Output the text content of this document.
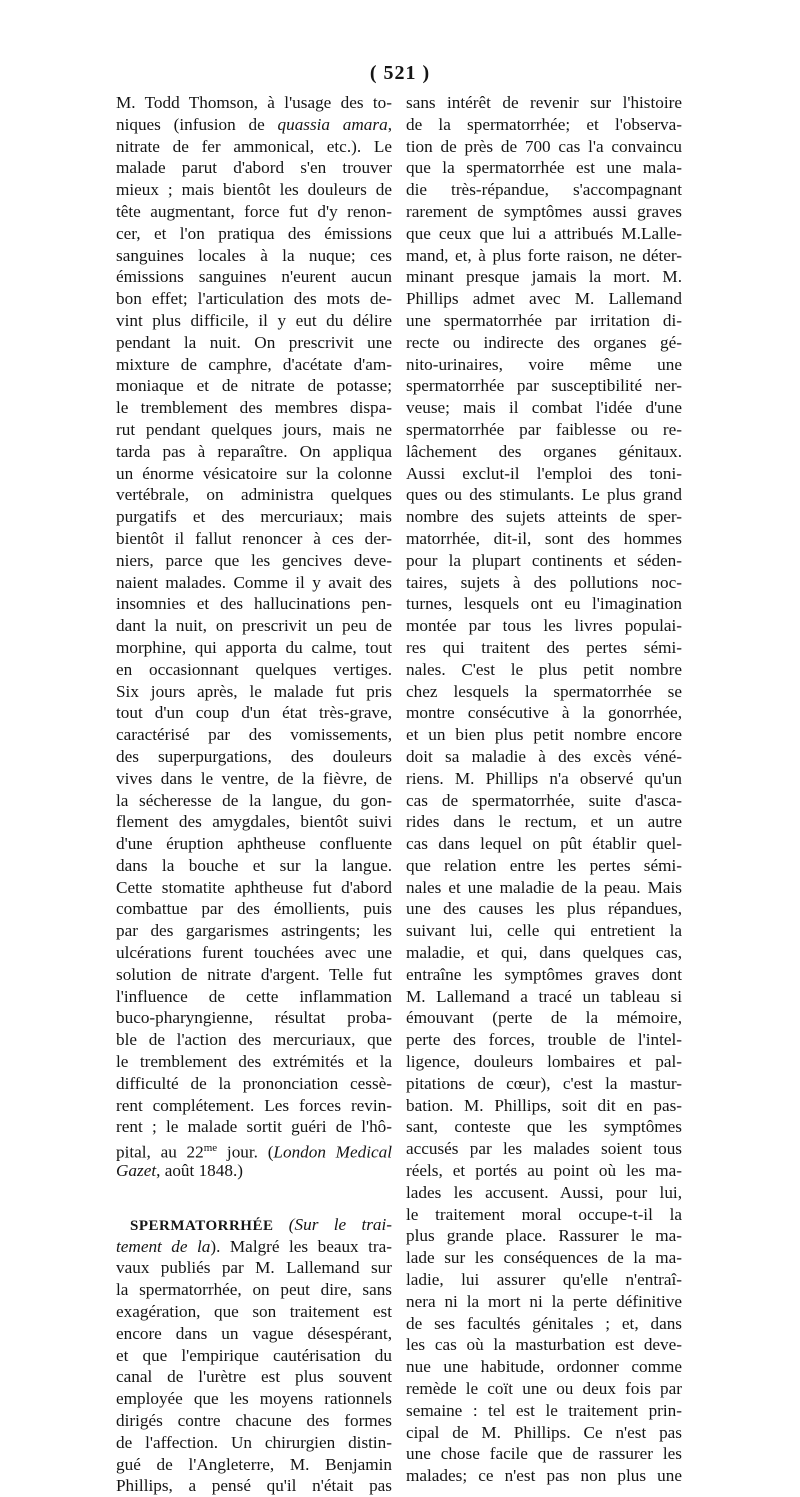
( 521 )
M. Todd Thomson, à l'usage des to-
niques (infusion de quassia amara,
nitrate de fer ammonical, etc.). Le
malade parut d'abord s'en trouver
mieux ; mais bientôt les douleurs de
tête augmentant, force fut d'y renon-
cer, et l'on pratiqua des émissions
sanguines locales à la nuque; ces
émissions sanguines n'eurent aucun
bon effet; l'articulation des mots de-
vint plus difficile, il y eut du délire
pendant la nuit. On prescrivit une
mixture de camphre, d'acétate d'am-
moniaque et de nitrate de potasse;
le tremblement des membres dispa-
rut pendant quelques jours, mais ne
tarda pas à reparaître. On appliqua
un énorme vésicatoire sur la colonne
vertébrale, on administra quelques
purgatifs et des mercuriaux; mais
bientôt il fallut renoncer à ces der-
niers, parce que les gencives deve-
naient malades. Comme il y avait des
insomnies et des hallucinations pen-
dant la nuit, on prescrivit un peu de
morphine, qui apporta du calme, tout
en occasionnant quelques vertiges.
Six jours après, le malade fut pris
tout d'un coup d'un état très-grave,
caractérisé par des vomissements,
des superpurgations, des douleurs
vives dans le ventre, de la fièvre, de
la sécheresse de la langue, du gon-
flement des amygdales, bientôt suivi
d'une éruption aphtheuse confluente
dans la bouche et sur la langue.
Cette stomatite aphtheuse fut d'abord
combattue par des émollients, puis
par des gargarismes astringents; les
ulcérations furent touchées avec une
solution de nitrate d'argent. Telle fut
l'influence de cette inflammation
buco-pharyngienne, résultat proba-
ble de l'action des mercuriaux, que
le tremblement des extrémités et la
difficulté de la prononciation cessè-
rent complétement. Les forces revin-
rent ; le malade sortit guéri de l'hô-
pital, au $22^{me}$ jour. (London Medical
Gazet, août 1848.)
SPERMATORRHÉE (Sur le trai-
tement de la). Malgré les beaux tra-
vaux publiés par M. Lallemand sur
la spermatorrhée, on peut dire, sans
exagération, que son traitement est
encore dans un vague désespérant,
et que l'empirique cautérisation du
canal de l'urètre est plus souvent
employée que les moyens rationnels
dirigés contre chacune des formes
de l'affection. Un chirurgien distin-
gué de l'Angleterre, M. Benjamin
Phillips, a pensé qu'il n'était pas
sans intérêt de revenir sur l'histoire
de la spermatorrhée; et l'observa-
tion de près de 700 cas l'a convaincu
que la spermatorrhée est une mala-
die très-répandue, s'accompagnant
rarement de symptômes aussi graves
que ceux que lui a attribués M.Lalle-
mand, et, à plus forte raison, ne déter-
minant presque jamais la mort. M.
Phillips admet avec M. Lallemand
une spermatorrhée par irritation di-
recte ou indirecte des organes gé-
nito-urinaires, voire même une
spermatorrhée par susceptibilité ner-
veuse; mais il combat l'idée d'une
spermatorrhée par faiblesse ou re-
lâchement des organes génitaux.
Aussi exclut-il l'emploi des toni-
ques ou des stimulants. Le plus grand
nombre des sujets atteints de sper-
matorrhée, dit-il, sont des hommes
pour la plupart continents et séden-
taires, sujets à des pollutions noc-
turnes, lesquels ont eu l'imagination
montée par tous les livres populai-
res qui traitent des pertes sémi-
nales. C'est le plus petit nombre
chez lesquels la spermatorrhée se
montre consécutive à la gonorrhée,
et un bien plus petit nombre encore
doit sa maladie à des excès véné-
riens. M. Phillips n'a observé qu'un
cas de spermatorrhée, suite d'asca-
rides dans le rectum, et un autre
cas dans lequel on pût établir quel-
que relation entre les pertes sémi-
nales et une maladie de la peau. Mais
une des causes les plus répandues,
suivant lui, celle qui entretient la
maladie, et qui, dans quelques cas,
entraîne les symptômes graves dont
M. Lallemand a tracé un tableau si
émouvant (perte de la mémoire,
perte des forces, trouble de l'intel-
ligence, douleurs lombaires et pal-
pitations de cœur), c'est la mastur-
bation. M. Phillips, soit dit en pas-
sant, conteste que les symptômes
accusés par les malades soient tous
réels, et portés au point où les ma-
lades les accusent. Aussi, pour lui,
le traitement moral occupe-t-il la
plus grande place. Rassurer le ma-
lade sur les conséquences de la ma-
ladie, lui assurer qu'elle n'entraî-
nera ni la mort ni la perte définitive
de ses facultés génitales ; et, dans
les cas où la masturbation est deve-
nue une habitude, ordonner comme
remède le coït une ou deux fois par
semaine : tel est le traitement prin-
cipal de M. Phillips. Ce n'est pas
une chose facile que de rassurer les
malades; ce n'est pas non plus une
